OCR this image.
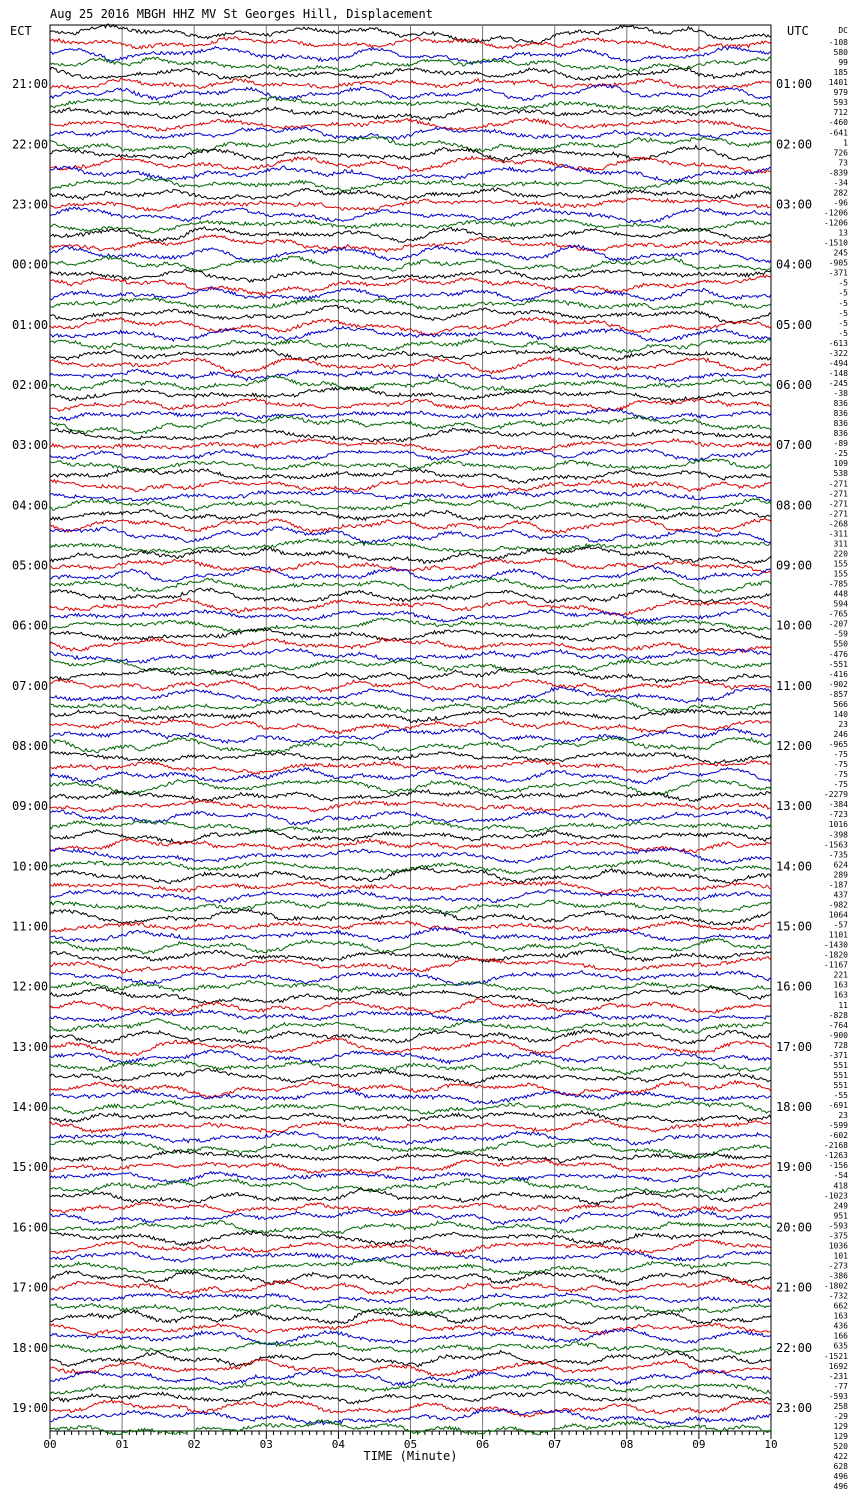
Aug 25 2016 MBGH HHZ MV St Georges Hill, Displacement
ECT	UTC
00	01	02	03	04	05	06	07	08	09	10
TIME (Minute)
21:00
22:00
23:00
00:00
01:00
02:00
03:00
04:00
05:00
06:00
07:00
08:00
09:00
10:00
11:00
12:00
13:00
14:00
15:00
16:00
17:00
18:00
19:00
01:00
02:00
03:00
04:00
05:00
06:00
07:00
08:00
09:00
10:00
11:00
12:00
13:00
14:00
15:00
16:00
17:00
18:00
19:00
20:00
21:00
22:00
23:00
DC
-108
580
99
185
1401
979
593
712
-460
-641
1
726
73
-839
-34
282
-96
-1206
-1206
13
-1510
245
-905
-371
-5
-5
-5
-5
-5
-5
-613
-322
-494
-148
-245
-38
836
836
836
836
-89
-25
109
538
-271
-271
-271
-271
-268
-311
311
220
155
155
-785
448
594
-765
-207
-59
550
-476
-551
-416
-902
-857
566
140
23
246
-965
-75
-75
-75
-75
-2279
-384
-723
1016
-398
-1563
-735
624
289
-187
437
-982
1064
-57
1101
-1430
-1820
-1167
221
163
163
11
-828
-764
-900
728
-371
551
551
551
-55
-691
23
-599
-602
-2168
-1263
-156
-54
418
-1023
249
951
-593
-375
1036
101
-273
-386
-1802
-732
662
163
436
166
635
-1521
1692
-231
-77
-593
258
-29
129
129
520
422
628
496
496
